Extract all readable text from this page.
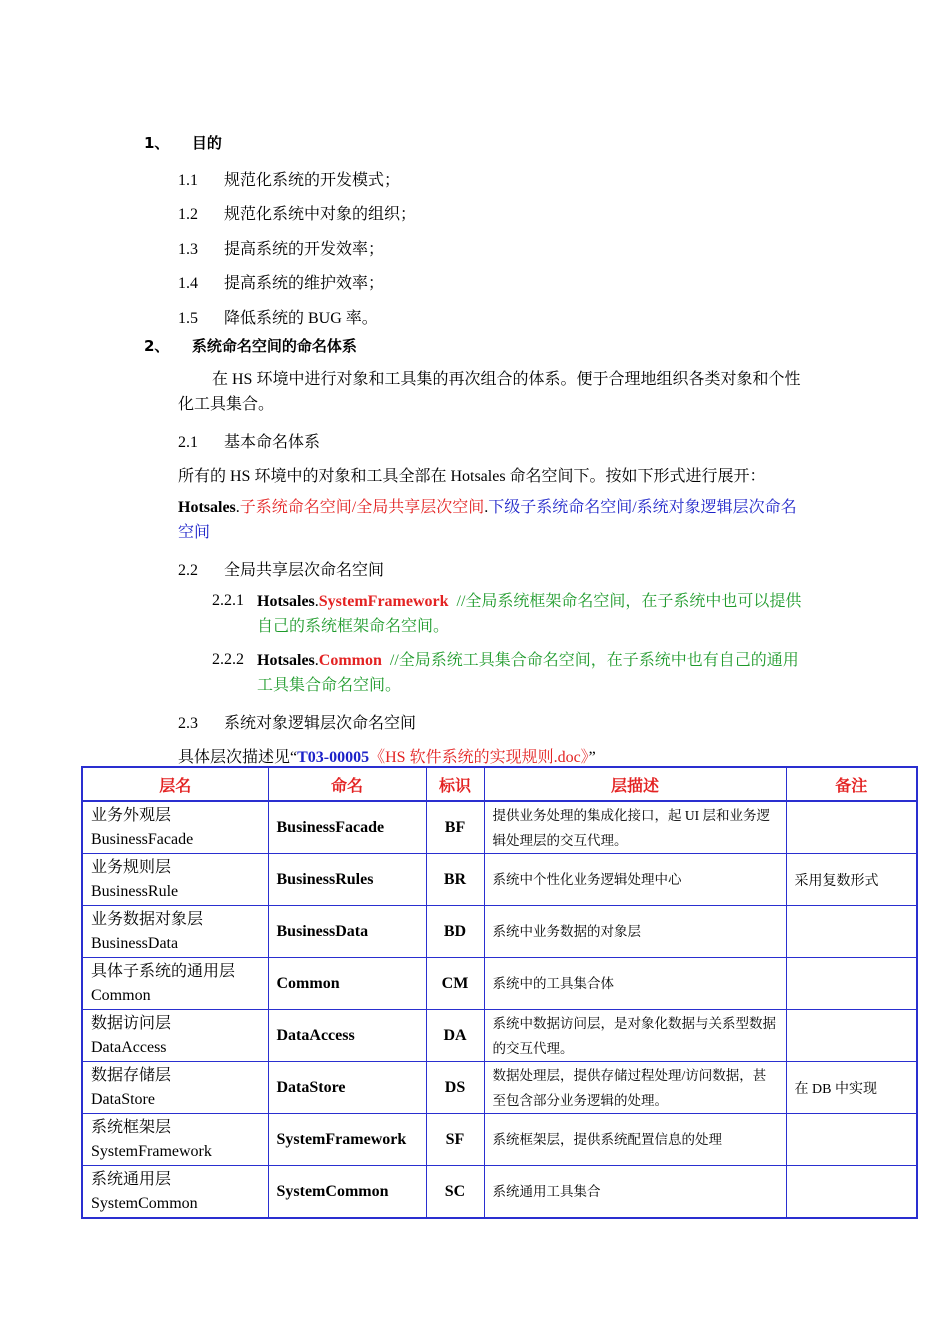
1、 目的
1.1 规范化系统的开发模式；
1.2 规范化系统中对象的组织；
1.3 提高系统的开发效率；
1.4 提高系统的维护效率；
1.5 降低系统的 BUG 率。
2、 系统命名空间的命名体系
在 HS 环境中进行对象和工具集的再次组合的体系。便于合理地组织各类对象和个性化工具集合。
2.1 基本命名体系
所有的 HS 环境中的对象和工具全部在 Hotsales 命名空间下。按如下形式进行展开：
Hotsales.子系统命名空间/全局共享层次空间.下级子系统命名空间/系统对象逻辑层次命名空间
2.2 全局共享层次命名空间
2.2.1 Hotsales.SystemFramework //全局系统框架命名空间，在子系统中也可以提供自己的系统框架命名空间。
2.2.2 Hotsales.Common //全局系统工具集合命名空间，在子系统中也有自己的通用工具集合命名空间。
2.3 系统对象逻辑层次命名空间
具体层次描述见“T03-00005《HS 软件系统的实现规则.doc》”
层名	命名	标识	层描述	备注

业务外观层
BusinessFacade	BusinessFacade	BF	提供业务处理的集成化接口，起 UI 层和业务逻辑处理层的交互代理。	

业务规则层
BusinessRule	BusinessRules	BR	系统中个性化业务逻辑处理中心	采用复数形式

业务数据对象层
BusinessData	BusinessData	BD	系统中业务数据的对象层	

具体子系统的通用层
Common	Common	CM	系统中的工具集合体	

数据访问层
DataAccess	DataAccess	DA	系统中数据访问层，是对象化数据与关系型数据的交互代理。	

数据存储层
DataStore	DataStore	DS	数据处理层，提供存储过程处理/访问数据，甚至包含部分业务逻辑的处理。	在 DB 中实现

系统框架层
SystemFramework	SystemFramework	SF	系统框架层，提供系统配置信息的处理	

系统通用层
SystemCommon	SystemCommon	SC	系统通用工具集合	
